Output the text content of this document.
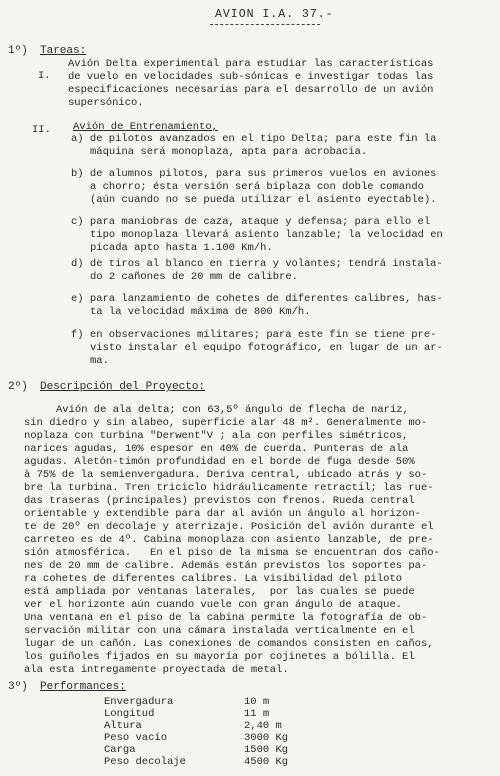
AVION I.A. 37.-
1º) Tareas:
I.
Avión Delta experimental para estudiar las características
de vuelo en velocidades sub-sónicas e investigar todas las
especificaciones necesarias para el desarrollo de un avión
supersónico.
II. Avión de Entrenamiento,
a) de pilotos avanzados en el tipo Delta; para este fin la
máquina será monoplaza, apta para acrobacia.
b) de alumnos pilotos, para sus primeros vuelos en aviones
a chorro; ésta versión será biplaza con doble comando
(aún cuando no se pueda utilizar el asiento eyectable).
c) para maniobras de caza, ataque y defensa; para ello el
tipo monoplaza llevará asiento lanzable; la velocidad en
picada apto hasta 1.100 Km/h.
d) de tiros al blanco en tierra y volantes; tendrá instala-
do 2 cañones de 20 mm de calibre.
e) para lanzamiento de cohetes de diferentes calibres, has-
ta la velocidad máxima de 800 Km/h.
f) en observaciones militares; para este fin se tiene pre-
visto instalar el equipo fotográfico, en lugar de un ar-
ma.
2º) Descripción del Proyecto:
Avión de ala delta; con 63,5º ángulo de flecha de naríz,
sin diedro y sin alabeo, superficie alar 48 m². Generalmente mo-
noplaza con turbina "Derwent"V ; ala con perfiles simétricos,
narices agudas, 10% espesor en 40% de cuerda. Punteras de ala
agudas. Aletón-timón profundidad en el borde de fuga desde 50%
à 75% de la semienvergadura. Deriva central, ubicado atrás y so-
bre la turbina. Tren triciclo hidráulicamente retractil; las rue-
das traseras (principales) previstos con frenos. Rueda central
orientable y extendible para dar al avión un ángulo al horizon-
te de 20º en decolaje y aterrizaje. Posición del avión durante el
carreteo es de 4º. Cabina monoplaza con asiento lanzable, de pre-
sión atmosférica.   En el piso de la misma se encuentran dos caño-
nes de 20 mm de calibre. Además están previstos los soportes pa-
ra cohetes de diferentes calibres. La visibilidad del piloto
está ampliada por ventanas laterales,  por las cuales se puede
ver el horizonte aún cuando vuele con gran ángulo de ataque.
Una ventana en el piso de la cabina permite la fotografía de ob-
servación militar con una cámara instalada verticalmente en el
lugar de un cañón. Las conexiones de comandos consisten en caños,
los guiñoles fijados en su mayoría por cojinetes a bólilla. El
ala esta intregamente proyectada de metal.
3º) Performances:
Envergadura	10 m
Longitud	11 m
Altura	2,40 m
Peso vacío	3000 Kg
Carga	1500 Kg
Peso decolaje	4500 Kg
